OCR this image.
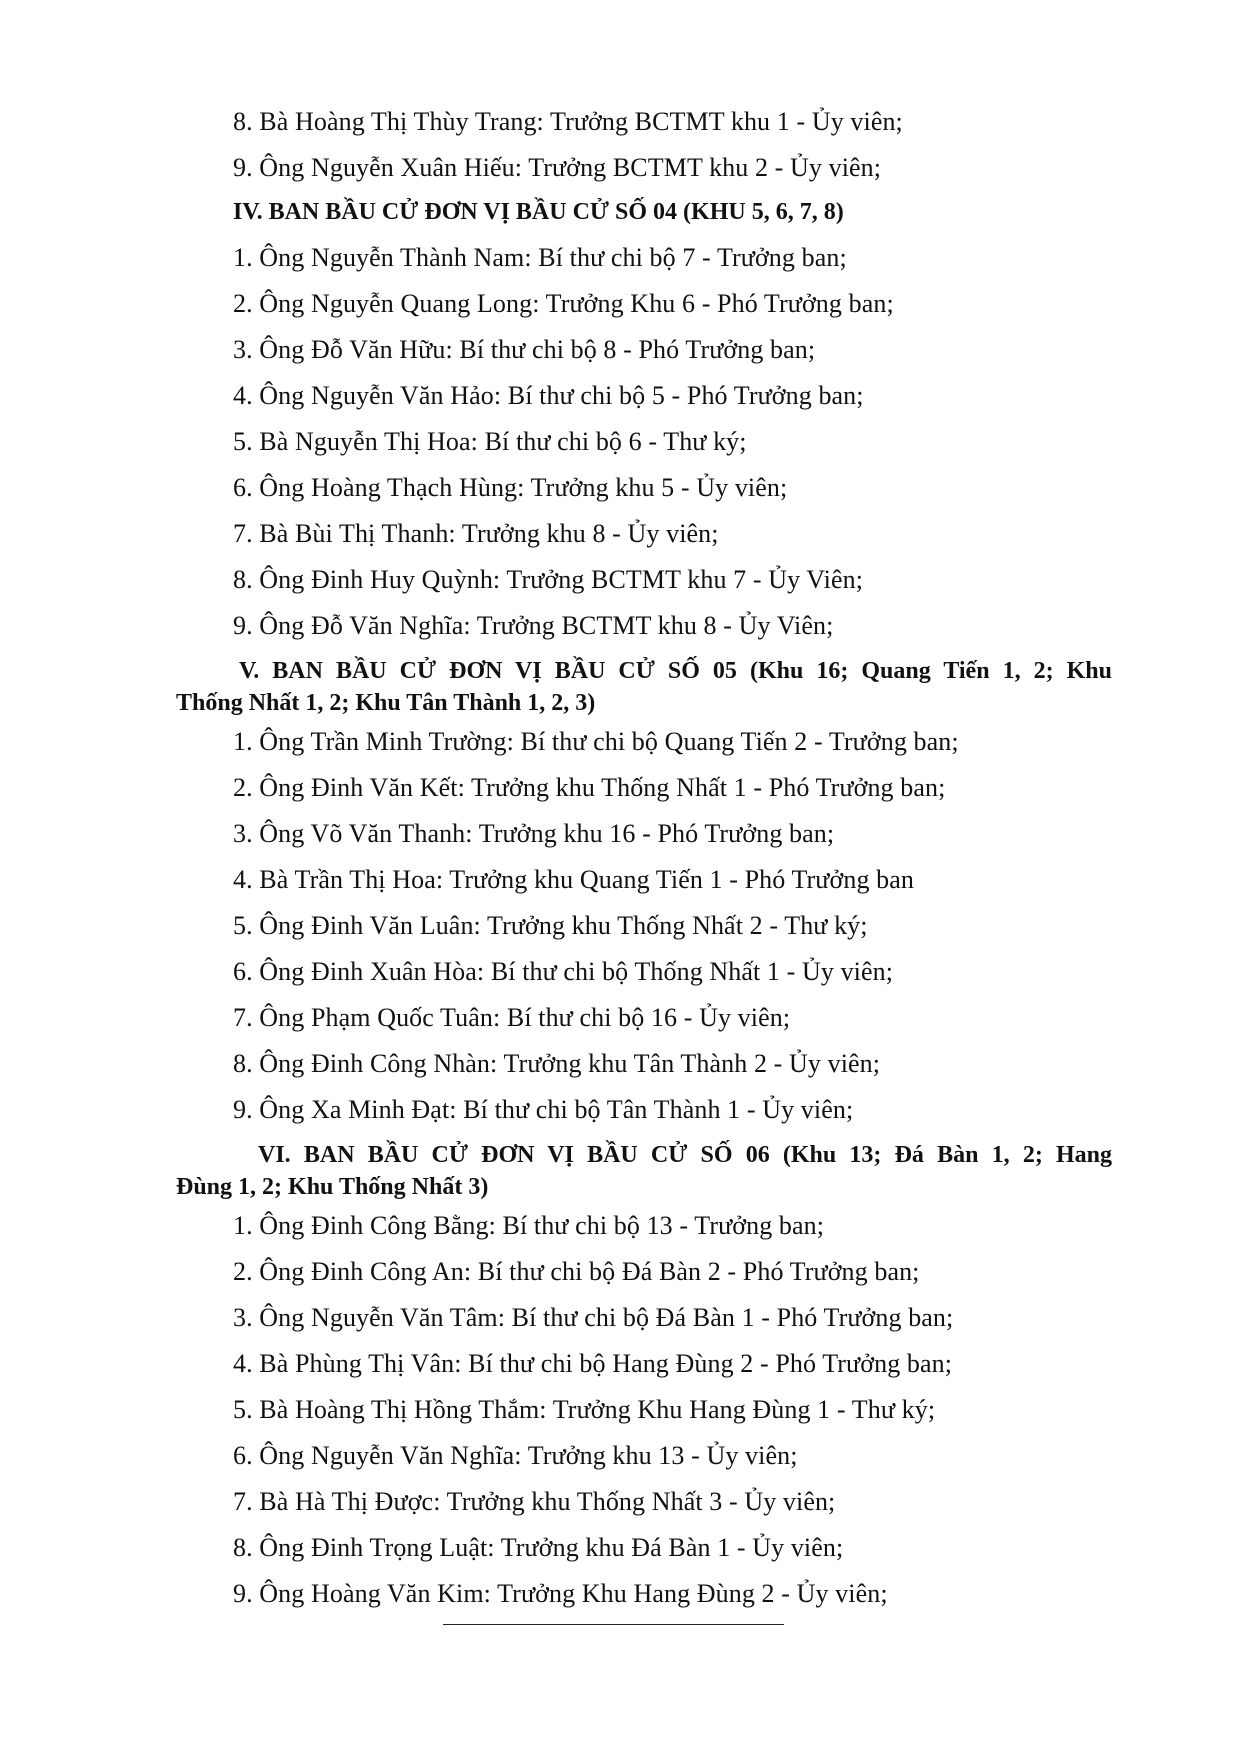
8. Bà Hoàng Thị Thùy Trang: Trưởng BCTMT khu 1 - Ủy viên;
9. Ông Nguyễn Xuân Hiếu: Trưởng BCTMT khu 2 - Ủy viên;
IV. BAN BẦU CỬ ĐƠN VỊ BẦU CỬ SỐ 04 (KHU 5, 6, 7, 8)
1. Ông Nguyễn Thành Nam: Bí thư chi bộ 7 - Trưởng ban;
2. Ông Nguyễn Quang Long: Trưởng Khu 6 - Phó Trưởng ban;
3. Ông Đỗ Văn Hữu: Bí thư chi bộ 8 - Phó Trưởng ban;
4. Ông Nguyễn Văn Hảo: Bí thư chi bộ 5 - Phó Trưởng ban;
5. Bà Nguyễn Thị Hoa: Bí thư chi bộ 6 - Thư ký;
6. Ông Hoàng Thạch Hùng: Trưởng khu 5 - Ủy viên;
7. Bà Bùi Thị Thanh: Trưởng khu 8 - Ủy viên;
8. Ông Đinh Huy Quỳnh: Trưởng BCTMT khu 7 - Ủy Viên;
9. Ông Đỗ Văn Nghĩa: Trưởng BCTMT khu 8 - Ủy Viên;
V. BAN BẦU CỬ ĐƠN VỊ BẦU CỬ SỐ 05 (Khu 16; Quang Tiến 1, 2; Khu
Thống Nhất 1, 2; Khu Tân Thành 1, 2, 3)
1. Ông Trần Minh Trường: Bí thư chi bộ Quang Tiến 2 - Trưởng ban;
2. Ông Đinh Văn Kết: Trưởng khu Thống Nhất 1 - Phó Trưởng ban;
3. Ông Võ Văn Thanh: Trưởng khu 16 - Phó Trưởng ban;
4. Bà Trần Thị Hoa: Trưởng khu Quang Tiến 1 - Phó Trưởng ban
5. Ông Đinh Văn Luân: Trưởng khu Thống Nhất 2 - Thư ký;
6. Ông Đinh Xuân Hòa: Bí thư chi bộ Thống Nhất 1 - Ủy viên;
7. Ông Phạm Quốc Tuân: Bí thư chi bộ 16 - Ủy viên;
8. Ông Đinh Công Nhàn: Trưởng khu Tân Thành 2 - Ủy viên;
9. Ông Xa Minh Đạt: Bí thư chi bộ Tân Thành 1 - Ủy viên;
VI. BAN BẦU CỬ ĐƠN VỊ BẦU CỬ SỐ 06 (Khu 13; Đá Bàn 1, 2; Hang
Đùng 1, 2; Khu Thống Nhất 3)
1. Ông Đinh Công Bằng: Bí thư chi bộ 13 - Trưởng ban;
2. Ông Đinh Công An: Bí thư chi bộ Đá Bàn 2 - Phó Trưởng ban;
3. Ông Nguyễn Văn Tâm: Bí thư chi bộ Đá Bàn 1 - Phó Trưởng ban;
4. Bà Phùng Thị Vân: Bí thư chi bộ Hang Đùng 2 - Phó Trưởng ban;
5. Bà Hoàng Thị Hồng Thắm: Trưởng Khu Hang Đùng 1 - Thư ký;
6. Ông Nguyễn Văn Nghĩa: Trưởng khu 13 - Ủy viên;
7. Bà Hà Thị Được: Trưởng khu Thống Nhất 3 - Ủy viên;
8. Ông Đinh Trọng Luật: Trưởng khu Đá Bàn 1 - Ủy viên;
9. Ông Hoàng Văn Kim: Trưởng Khu Hang Đùng 2 - Ủy viên;
